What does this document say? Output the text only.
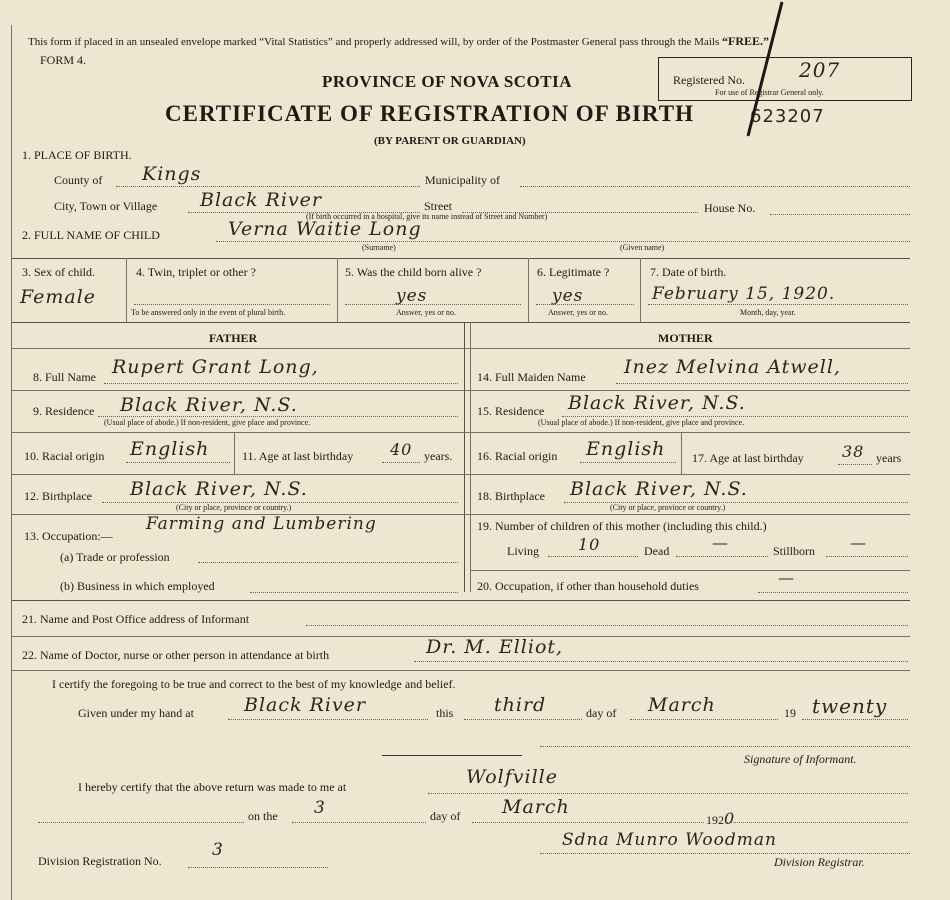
This form if placed in an unsealed envelope marked “Vital Statistics” and properly addressed will, by order of the Postmaster General pass through the Mails “FREE.”
FORM 4.
PROVINCE OF NOVA SCOTIA
CERTIFICATE OF REGISTRATION OF BIRTH
(BY PARENT OR GUARDIAN)
Registered No.	207
For use of Registrar General only.
623207
1. PLACE OF BIRTH.
County of Kings	Municipality of
City, Town or Village Black River	Street	House No.
(If birth occurred in a hospital, give its name instead of Street and Number)
2. FULL NAME OF CHILD	Verna Waitie Long
(Surname)	(Given name)
3. Sex of child.
Female
4. Twin, triplet or other ?
To be answered only in the event of plural birth.
5. Was the child born alive ?
yes
Answer, yes or no.
6. Legitimate ?
yes
Answer, yes or no.
7. Date of birth.
February 15, 1920.
Month, day, year.
FATHER	MOTHER
8. Full Name Rupert Grant Long,
9. Residence Black River, N.S.
(Usual place of abode.) If non-resident, give place and province.
10. Racial origin English	11. Age at last birthday 40 years.
12. Birthplace Black River, N.S.
(City or place, province or country.)
13. Occupation:—
Farming and Lumbering
(a) Trade or profession
(b) Business in which employed
14. Full Maiden Name Inez Melvina Atwell,
15. Residence Black River, N.S.
(Usual place of abode.) If non-resident, give place and province.
16. Racial origin English 17. Age at last birthday 38 years
18. Birthplace Black River, N.S.
(City or place, province or country.)
19. Number of children of this mother (including this child.)
Living 10	Dead	—	Stillborn —
20. Occupation, if other than household duties	—
21. Name and Post Office address of Informant
22. Name of Doctor, nurse or other person in attendance at birth	Dr. M. Elliot,
I certify the foregoing to be true and correct to the best of my knowledge and belief.
Given under my hand at	Black River	this third	day of March	19 twenty
Signature of Informant.
I hereby certify that the above return was made to me at	Wolfville
on the 3	day of March
1920
Division Registration No.
3	Sdna Munro Woodman
Division Registrar.
